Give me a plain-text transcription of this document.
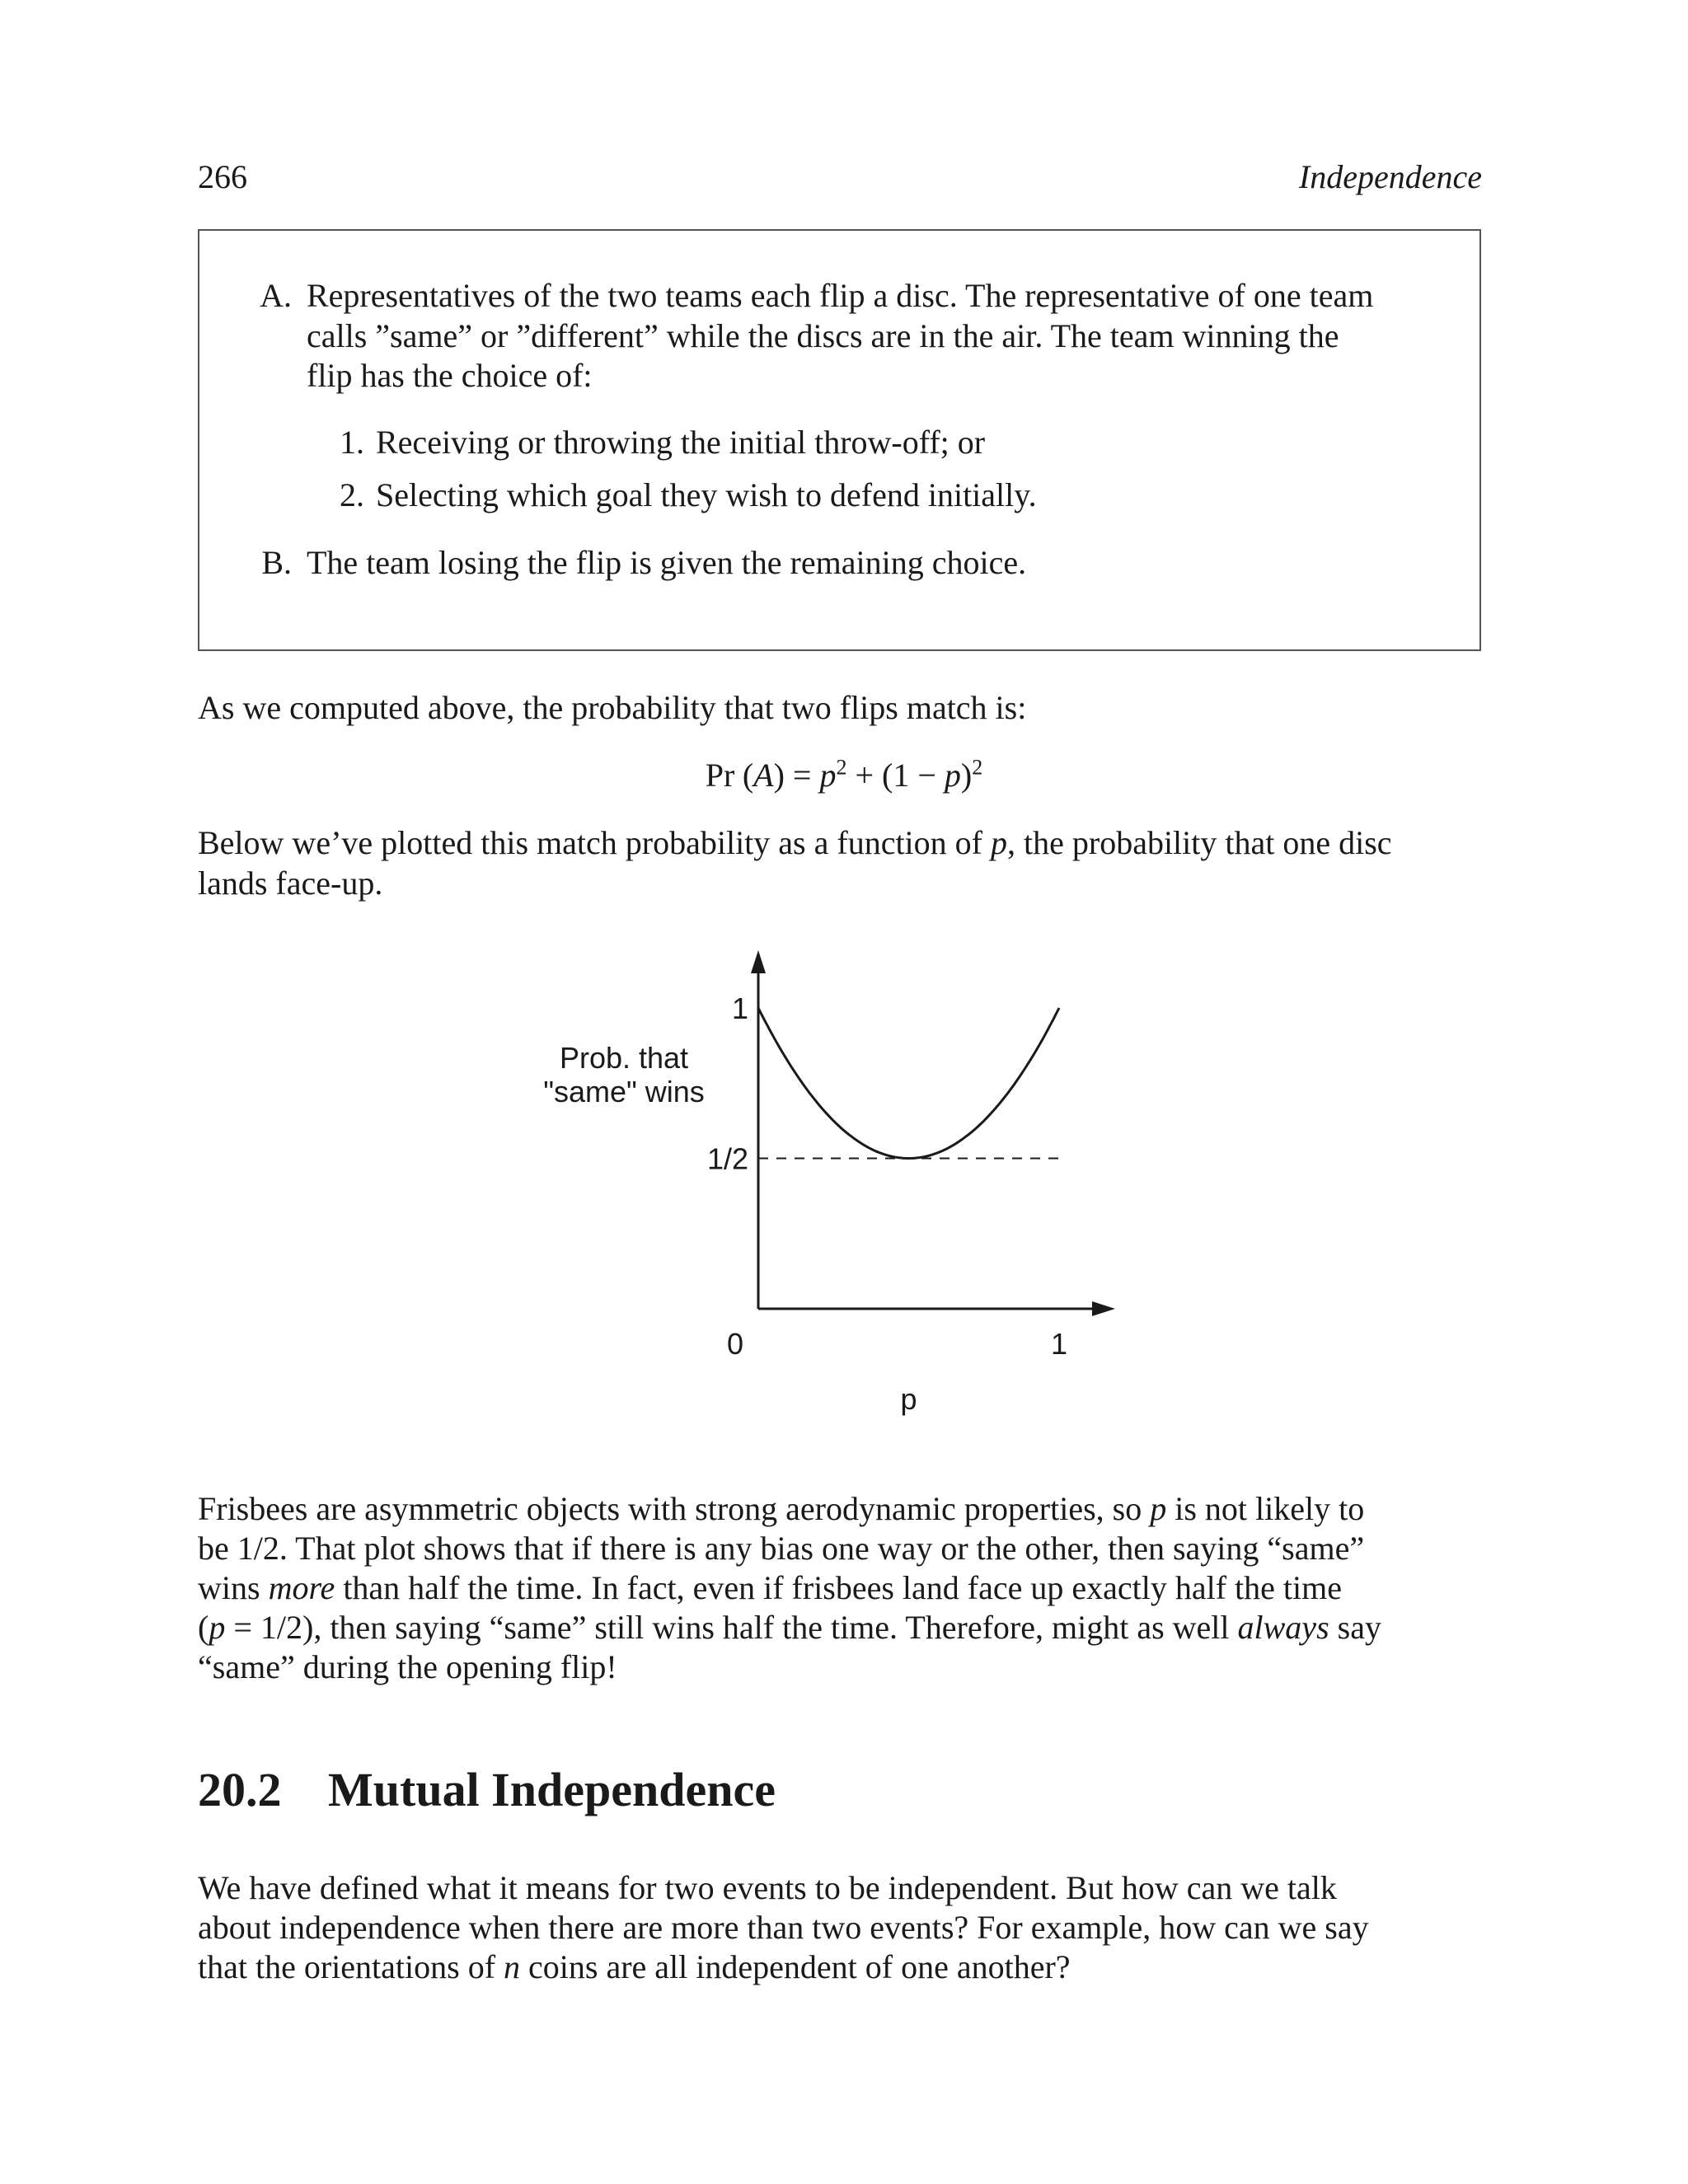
266	Independence
A. Representatives of the two teams each flip a disc. The representative of one team
calls ”same” or ”different” while the discs are in the air. The team winning the
flip has the choice of:
1. Receiving or throwing the initial throw-off; or
2. Selecting which goal they wish to defend initially.
B. The team losing the flip is given the remaining choice.
As we computed above, the probability that two flips match is:
Pr $(A) = p^2 + (1 - p)^2$
Below we’ve plotted this match probability as a function of p, the probability that one disc
lands face-up.
0	1
1/2
1
p
Prob. that
"same" wins
Frisbees are asymmetric objects with strong aerodynamic properties, so p is not likely to
be 1/2. That plot shows that if there is any bias one way or the other, then saying “same”
wins more than half the time. In fact, even if frisbees land face up exactly half the time
(p = 1/2), then saying “same” still wins half the time. Therefore, might as well always say
“same” during the opening flip!
20.2 Mutual Independence
We have defined what it means for two events to be independent. But how can we talk
about independence when there are more than two events? For example, how can we say
that the orientations of n coins are all independent of one another?
